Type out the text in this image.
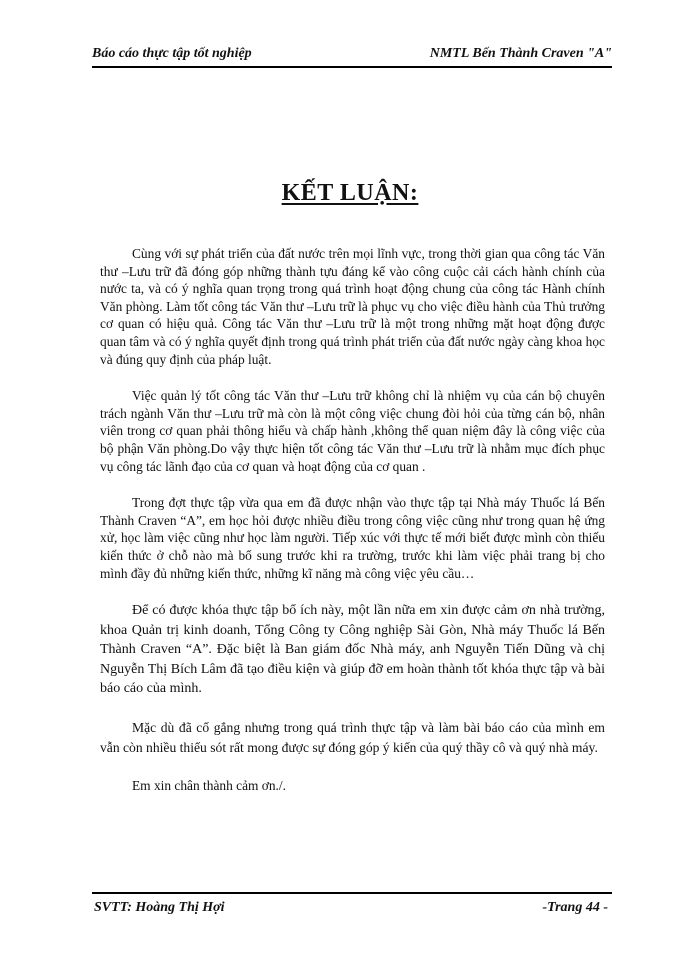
Báo cáo thực tập tốt nghiệp	NMTL Bến Thành Craven "A"
KẾT LUẬN:

Cùng với sự phát triển của đất nước trên mọi lĩnh vực, trong thời gian qua công tác Văn thư –Lưu trữ đã đóng góp những thành tựu đáng kể vào công cuộc cải cách hành chính của nước ta, và có ý nghĩa quan trọng trong quá trình hoạt động chung của công tác Hành chính Văn phòng. Làm tốt công tác Văn thư –Lưu trữ là phục vụ cho việc điều hành của Thủ trưởng cơ quan có hiệu quả. Công tác Văn thư –Lưu trữ là một trong những mặt hoạt động được quan tâm và có ý nghĩa quyết định trong quá trình phát triển của đất nước ngày càng khoa học và đúng quy định của pháp luật.

Việc quản lý tốt công tác Văn thư –Lưu trữ không chỉ là nhiệm vụ của cán bộ chuyên trách ngành Văn thư –Lưu trữ mà còn là một công việc chung đòi hỏi của từng cán bộ, nhân viên trong cơ quan phải thông hiểu và chấp hành ,không thể quan niệm đây là công việc của bộ phận Văn phòng.Do vậy thực hiện tốt công tác Văn thư –Lưu trữ là nhằm mục đích phục vụ công tác lãnh đạo của cơ quan và hoạt động của cơ quan .

Trong đợt thực tập vừa qua em đã được nhận vào thực tập tại Nhà máy Thuốc lá Bến Thành Craven “A”, em học hỏi được nhiều điều trong công việc cũng như trong quan hệ ứng xử, học làm việc cũng như học làm người. Tiếp xúc với thực tế mới biết được mình còn thiếu kiến thức ở chỗ nào mà bổ sung trước khi ra trường, trước khi làm việc phải trang bị cho mình đầy đủ những kiến thức, những kĩ năng mà công việc yêu cầu…

Để có được khóa thực tập bổ ích này, một lần nữa em xin được cảm ơn nhà trường, khoa Quản trị kinh doanh, Tổng Công ty Công nghiệp Sài Gòn, Nhà máy Thuốc lá Bến Thành Craven “A”. Đặc biệt là Ban giám đốc Nhà máy, anh Nguyễn Tiến Dũng và chị Nguyễn Thị Bích Lâm đã tạo điều kiện và giúp đỡ em hoàn thành tốt khóa thực tập và bài báo cáo của mình.

Mặc dù đã cố gắng nhưng trong quá trình thực tập và làm bài báo cáo của mình em vẫn còn nhiều thiếu sót rất mong được sự đóng góp ý kiến của quý thầy cô và quý nhà máy.

Em xin chân thành cảm ơn./.

SVTT: Hoàng Thị Hợi	-Trang 44 -
